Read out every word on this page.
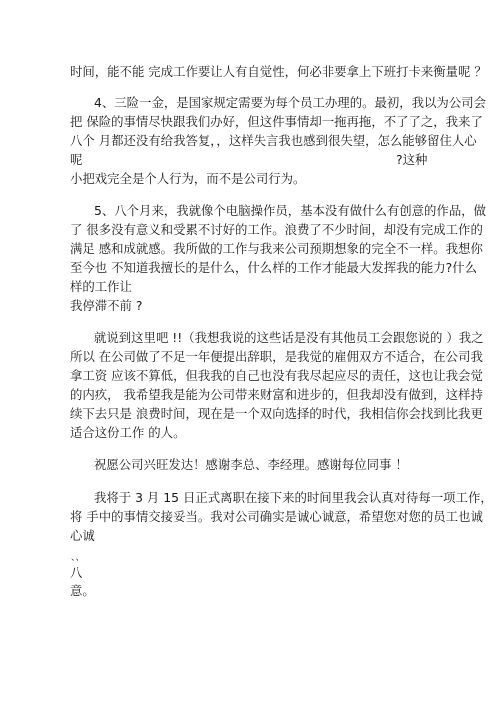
时间，能不能 完成工作要让人有自觉性，何必非要拿上下班打卡来衡量呢 ？
4、三险一金，是国家规定需要为每个员工办理的。最初，我以为公司会
把 保险的事情尽快跟我们办好，但这件事情却一拖再拖，不了了之，我来了
八个 月都还没有给我答复，，这样失言我也感到很失望，怎么能够留住人心
呢	?这种
小把戏完全是个人行为，而不是公司行为。
5、八个月来，我就像个电脑操作员，基本没有做什么有创意的作品，做
了 很多没有意义和受累不讨好的工作。浪费了不少时间，却没有完成工作的
满足 感和成就感。我所做的工作与我来公司预期想象的完全不一样。我想你
至今也 不知道我擅长的是什么，什么样的工作才能最大发挥我的能力?什么
样的工作让
我停滞不前 ?
就说到这里吧 !!（我想我说的这些话是没有其他员工会跟您说的 ）我之
所以 在公司做了不足一年便提出辞职，是我觉的雇佣双方不适合，在公司我
拿工资 应该不算低，但我我的自己也没有我尽起应尽的责任，这也让我会觉
的内疚， 我希望我是能为公司带来财富和进步的，但我却没有做到，这样持
续下去只是 浪费时间，现在是一个双向选择的时代，我相信你会找到比我更
适合这份工作 的人。
祝愿公司兴旺发达！感谢李总、李经理。感谢每位同事 ！
我将于 3 月 15 日正式离职在接下来的时间里我会认真对待每一项工作，
将 手中的事情交接妥当。我对公司确实是诚心诚意，希望您对您的员工也诚
心诚
、、
八
意。
